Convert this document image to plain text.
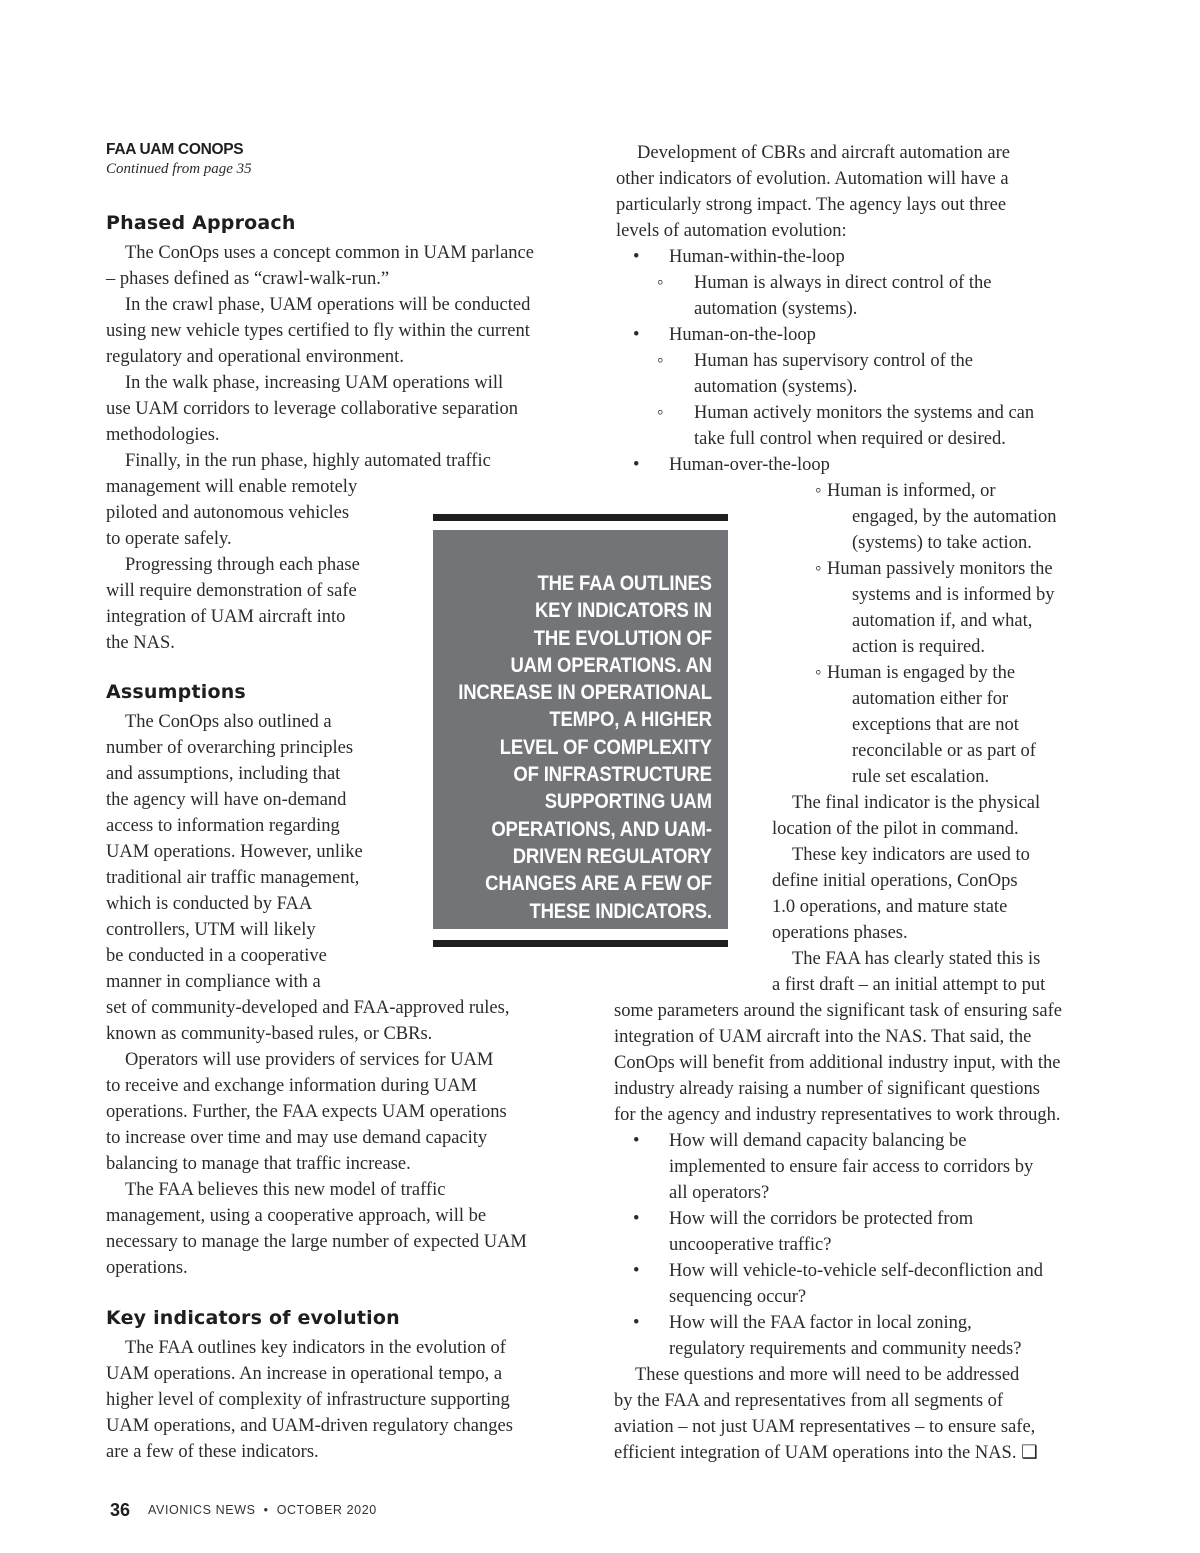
FAA UAM CONOPS
Continued from page 35
Phased Approach
The ConOps uses a concept common in UAM parlance
– phases defined as “crawl-walk-run.”
In the crawl phase, UAM operations will be conducted
using new vehicle types certified to fly within the current
regulatory and operational environment.
In the walk phase, increasing UAM operations will
use UAM corridors to leverage collaborative separation
methodologies.
Finally, in the run phase, highly automated traffic
management will enable remotely
piloted and autonomous vehicles
to operate safely.
Progressing through each phase
will require demonstration of safe
integration of UAM aircraft into
the NAS.
Assumptions
The ConOps also outlined a
number of overarching principles
and assumptions, including that
the agency will have on-demand
access to information regarding
UAM operations. However, unlike
traditional air traffic management,
which is conducted by FAA
controllers, UTM will likely
be conducted in a cooperative
manner in compliance with a
set of community-developed and FAA-approved rules,
known as community-based rules, or CBRs.
Operators will use providers of services for UAM
to receive and exchange information during UAM
operations. Further, the FAA expects UAM operations
to increase over time and may use demand capacity
balancing to manage that traffic increase.
The FAA believes this new model of traffic
management, using a cooperative approach, will be
necessary to manage the large number of expected UAM
operations.
Key indicators of evolution
The FAA outlines key indicators in the evolution of
UAM operations. An increase in operational tempo, a
higher level of complexity of infrastructure supporting
UAM operations, and UAM-driven regulatory changes
are a few of these indicators.
THE FAA OUTLINES
KEY INDICATORS IN
THE EVOLUTION OF
UAM OPERATIONS. AN
INCREASE IN OPERATIONAL
TEMPO, A HIGHER
LEVEL OF COMPLEXITY
OF INFRASTRUCTURE
SUPPORTING UAM
OPERATIONS, AND UAM-
DRIVEN REGULATORY
CHANGES ARE A FEW OF
THESE INDICATORS.
Development of CBRs and aircraft automation are
other indicators of evolution. Automation will have a
particularly strong impact. The agency lays out three
levels of automation evolution:
• Human-within-the-loop
◦ Human is always in direct control of the
automation (systems).
• Human-on-the-loop
◦ Human has supervisory control of the
automation (systems).
◦ Human actively monitors the systems and can
take full control when required or desired.
• Human-over-the-loop
◦ Human is informed, or
engaged, by the automation
(systems) to take action.
◦ Human passively monitors the
systems and is informed by
automation if, and what,
action is required.
◦ Human is engaged by the
automation either for
exceptions that are not
reconcilable or as part of
rule set escalation.
The final indicator is the physical
location of the pilot in command.
These key indicators are used to
define initial operations, ConOps
1.0 operations, and mature state
operations phases.
The FAA has clearly stated this is
a first draft – an initial attempt to put
some parameters around the significant task of ensuring safe
integration of UAM aircraft into the NAS. That said, the
ConOps will benefit from additional industry input, with the
industry already raising a number of significant questions
for the agency and industry representatives to work through.
• How will demand capacity balancing be
implemented to ensure fair access to corridors by
all operators?
• How will the corridors be protected from
uncooperative traffic?
• How will vehicle-to-vehicle self-deconfliction and
sequencing occur?
• How will the FAA factor in local zoning,
regulatory requirements and community needs?
These questions and more will need to be addressed
by the FAA and representatives from all segments of
aviation – not just UAM representatives – to ensure safe,
efficient integration of UAM operations into the NAS. ❑
36 AVIONICS NEWS • OCTOBER 2020
